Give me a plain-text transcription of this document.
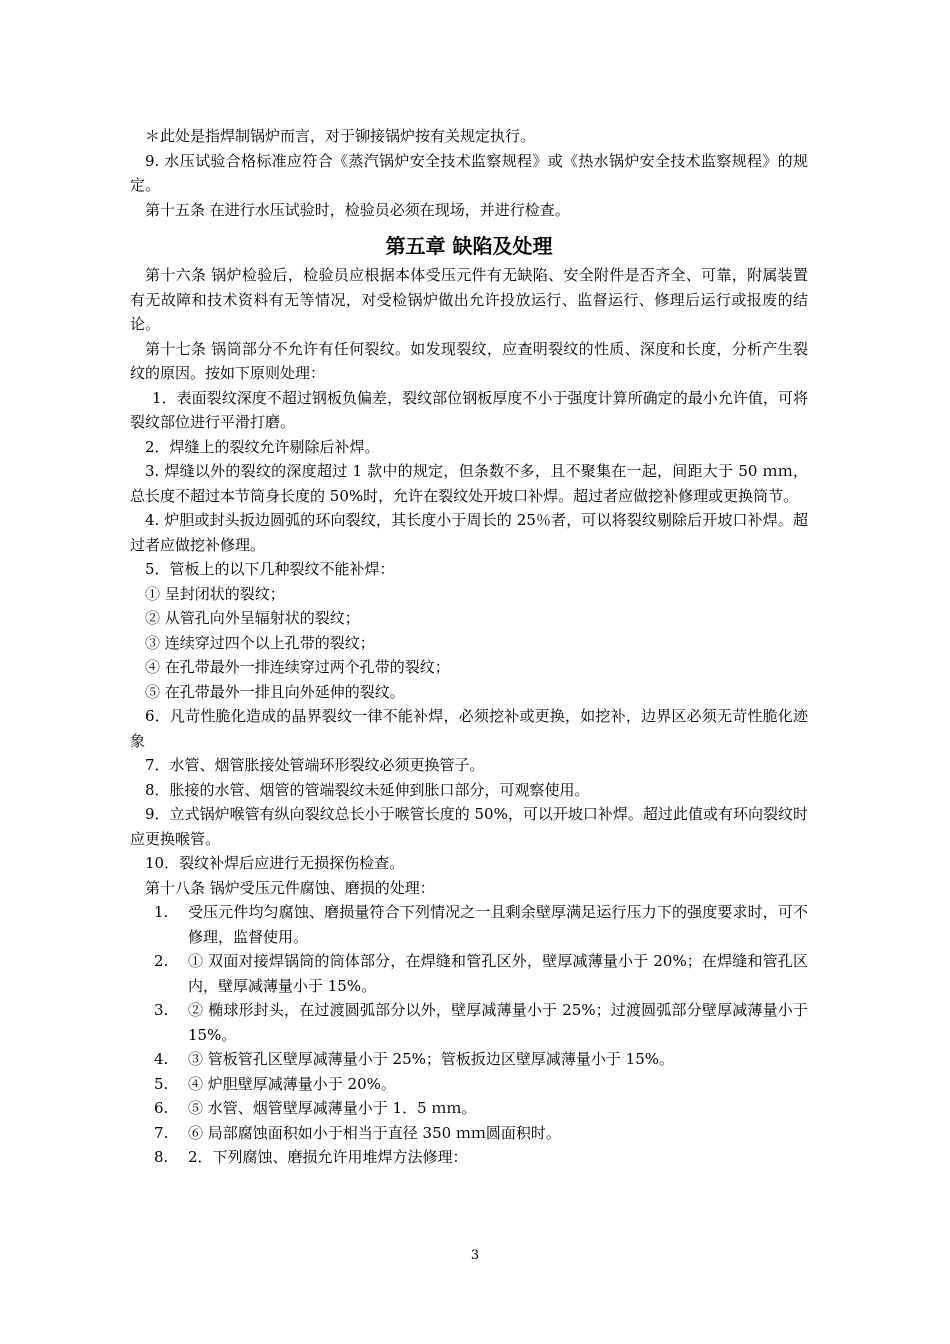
＊此处是指焊制锅炉而言，对于铆接锅炉按有关规定执行。

9. 水压试验合格标准应符合《蒸汽锅炉安全技术监察规程》或《热水锅炉安全技术监察规程》的规定。

第十五条 在进行水压试验时，检验员必须在现场，并进行检查。

第五章 缺陷及处理

第十六条 锅炉检验后，检验员应根据本体受压元件有无缺陷、安全附件是否齐全、可靠，附属装置有无故障和技术资料有无等情况，对受检锅炉做出允许投放运行、监督运行、修理后运行或报废的结论。

第十七条 锅筒部分不允许有任何裂纹。如发现裂纹，应查明裂纹的性质、深度和长度，分析产生裂纹的原因。按如下原则处理：

1．表面裂纹深度不超过钢板负偏差，裂纹部位钢板厚度不小于强度计算所确定的最小允许值，可将裂纹部位进行平滑打磨。

2．焊缝上的裂纹允许剔除后补焊。

3. 焊缝以外的裂纹的深度超过 1 款中的规定，但条数不多，且不聚集在一起，间距大于 50 ｍｍ，总长度不超过本节筒身长度的 50%时，允许在裂纹处开坡口补焊。超过者应做挖补修理或更换筒节。

4. 炉胆或封头扳边圆弧的环向裂纹，其长度小于周长的 25％者，可以将裂纹剔除后开坡口补焊。超过者应做挖补修理。

5．管板上的以下几种裂纹不能补焊：

① 呈封闭状的裂纹；

② 从管孔向外呈辐射状的裂纹；

③ 连续穿过四个以上孔带的裂纹；

④ 在孔带最外一排连续穿过两个孔带的裂纹；

⑤ 在孔带最外一排且向外延伸的裂纹。

6．凡苛性脆化造成的晶界裂纹一律不能补焊，必须挖补或更换，如挖补，边界区必须无苛性脆化迹象

7．水管、烟管胀接处管端环形裂纹必须更换管子。

8．胀接的水管、烟管的管端裂纹未延伸到胀口部分，可观察使用。

9．立式锅炉喉管有纵向裂纹总长小于喉管长度的 50%，可以开坡口补焊。超过此值或有环向裂纹时应更换喉管。

10．裂纹补焊后应进行无损探伤检查。

第十八条 锅炉受压元件腐蚀、磨损的处理：

1.	受压元件均匀腐蚀、磨损量符合下列情况之一且剩余壁厚满足运行压力下的强度要求时，可不修理，监督使用。
2.	① 双面对接焊锅筒的筒体部分，在焊缝和管孔区外，壁厚减薄量小于 20%；在焊缝和管孔区内，壁厚减薄量小于 15%。
3.	② 椭球形封头，在过渡圆弧部分以外，壁厚减薄量小于 25%；过渡圆弧部分壁厚减薄量小于 15%。
4.	③ 管板管孔区壁厚减薄量小于 25%；管板扳边区壁厚减薄量小于 15%。
5.	④ 炉胆壁厚减薄量小于 20%。
6.	⑤ 水管、烟管壁厚减薄量小于 1．5 ｍｍ。
7.	⑥ 局部腐蚀面积如小于相当于直径 350 ｍｍ圆面积时。
8.	2．下列腐蚀、磨损允许用堆焊方法修理：
3
